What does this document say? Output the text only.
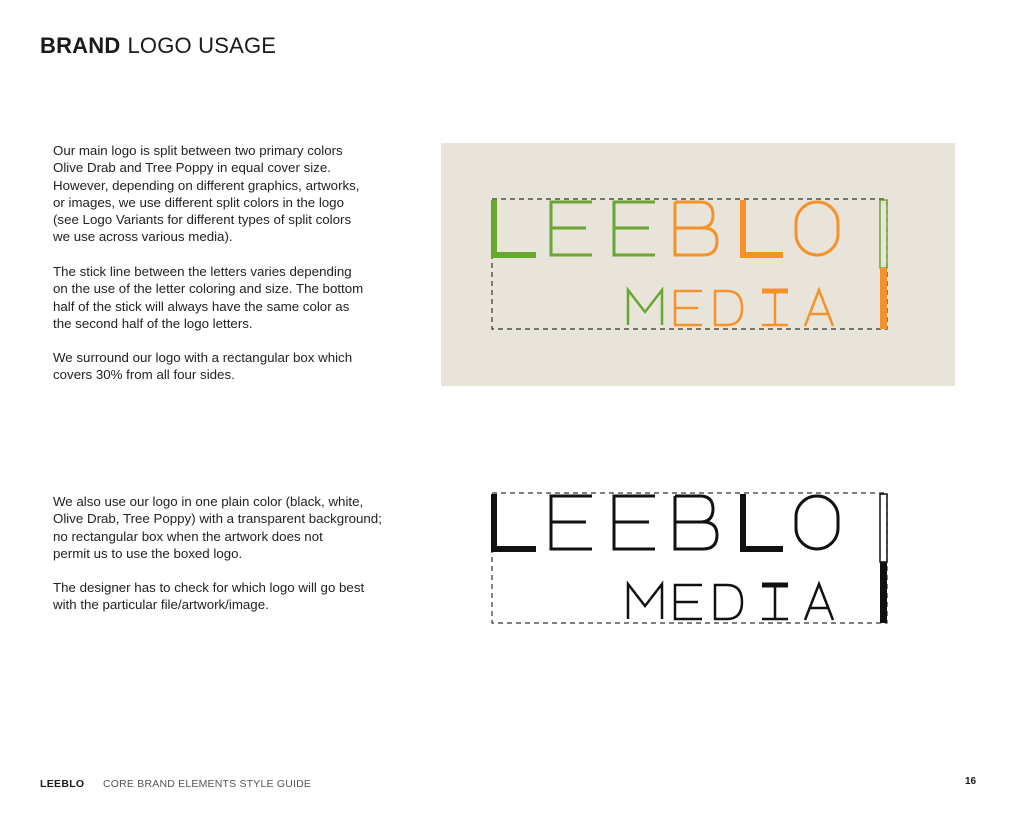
BRAND LOGO USAGE

Our main logo is split between two primary colors

Olive Drab and Tree Poppy in equal cover size.

However, depending on different graphics, artworks,

or images, we use different split colors in the logo

(see Logo Variants for different types of split colors

we use across various media).

The stick line between the letters varies depending

on the use of the letter coloring and size. The bottom

half of the stick will always have the same color as

the second half of the logo letters.

We surround our logo with a rectangular box which

covers 30% from all four sides.

We also use our logo in one plain color (black, white,

Olive Drab, Tree Poppy) with a transparent background;

no rectangular box when the artwork does not

permit us to use the boxed logo.

The designer has to check for which logo will go best

with the particular file/artwork/image.

LEEBLO CORE BRAND ELEMENTS STYLE GUIDE	16
